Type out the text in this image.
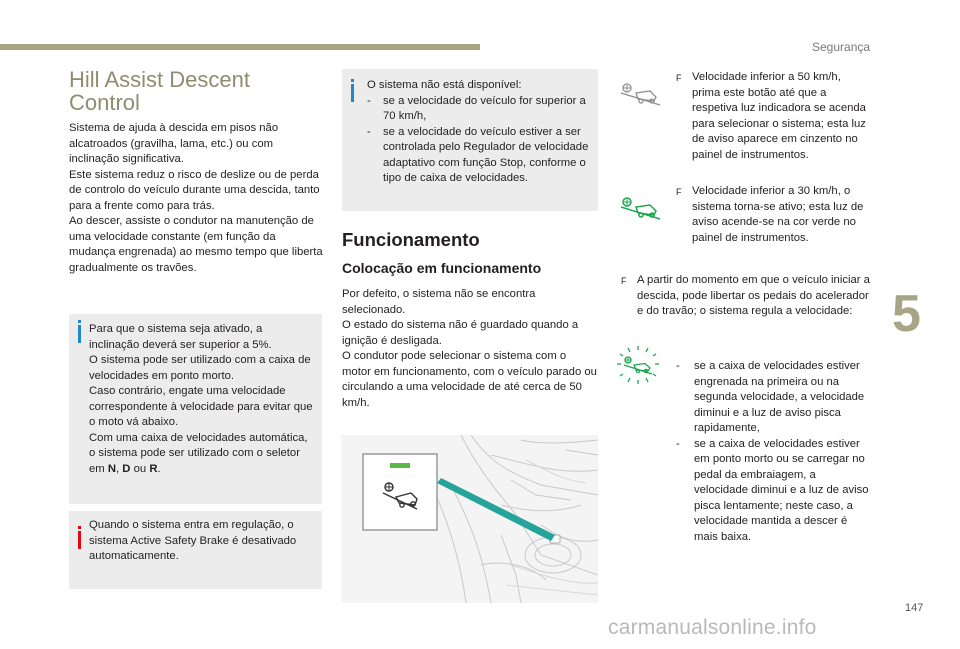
Segurança
5
147
carmanualsonline.info
Hill Assist Descent
Control

Sistema de ajuda à descida em pisos não alcatroados (gravilha, lama, etc.) ou com inclinação significativa.

Este sistema reduz o risco de deslize ou de perda de controlo do veículo durante uma descida, tanto para a frente como para trás.

Ao descer, assiste o condutor na manutenção de uma velocidade constante (em função da mudança engrenada) ao mesmo tempo que liberta gradualmente os travões.

Para que o sistema seja ativado, a inclinação deverá ser superior a 5%.
O sistema pode ser utilizado com a caixa de velocidades em ponto morto.
Caso contrário, engate uma velocidade correspondente à velocidade para evitar que o moto vá abaixo.
Com uma caixa de velocidades automática, o sistema pode ser utilizado com o seletor em N, D ou R.
Quando o sistema entra em regulação, o sistema Active Safety Brake é desativado automaticamente.
O sistema não está disponível:
- se a velocidade do veículo for superior a 70 km/h,
- se a velocidade do veículo estiver a ser controlada pelo Regulador de velocidade adaptativo com função Stop, conforme o tipo de caixa de velocidades.
Funcionamento
Colocação em funcionamento

Por defeito, o sistema não se encontra selecionado.

O estado do sistema não é guardado quando a ignição é desligada.

O condutor pode selecionar o sistema com o motor em funcionamento, com o veículo parado ou circulando a uma velocidade de até cerca de 50 km/h.

F Velocidade inferior a 50 km/h, prima este botão até que a respetiva luz indicadora se acenda para selecionar o sistema; esta luz de aviso aparece em cinzento no painel de instrumentos.
F Velocidade inferior a 30 km/h, o sistema torna-se ativo; esta luz de aviso acende-se na cor verde no painel de instrumentos.
F A partir do momento em que o veículo iniciar a descida, pode libertar os pedais do acelerador e do travão; o sistema regula a velocidade:
- se a caixa de velocidades estiver engrenada na primeira ou na segunda velocidade, a velocidade diminui e a luz de aviso pisca rapidamente,
- se a caixa de velocidades estiver em ponto morto ou se carregar no pedal da embraiagem, a velocidade diminui e a luz de aviso pisca lentamente; neste caso, a velocidade mantida a descer é mais baixa.
